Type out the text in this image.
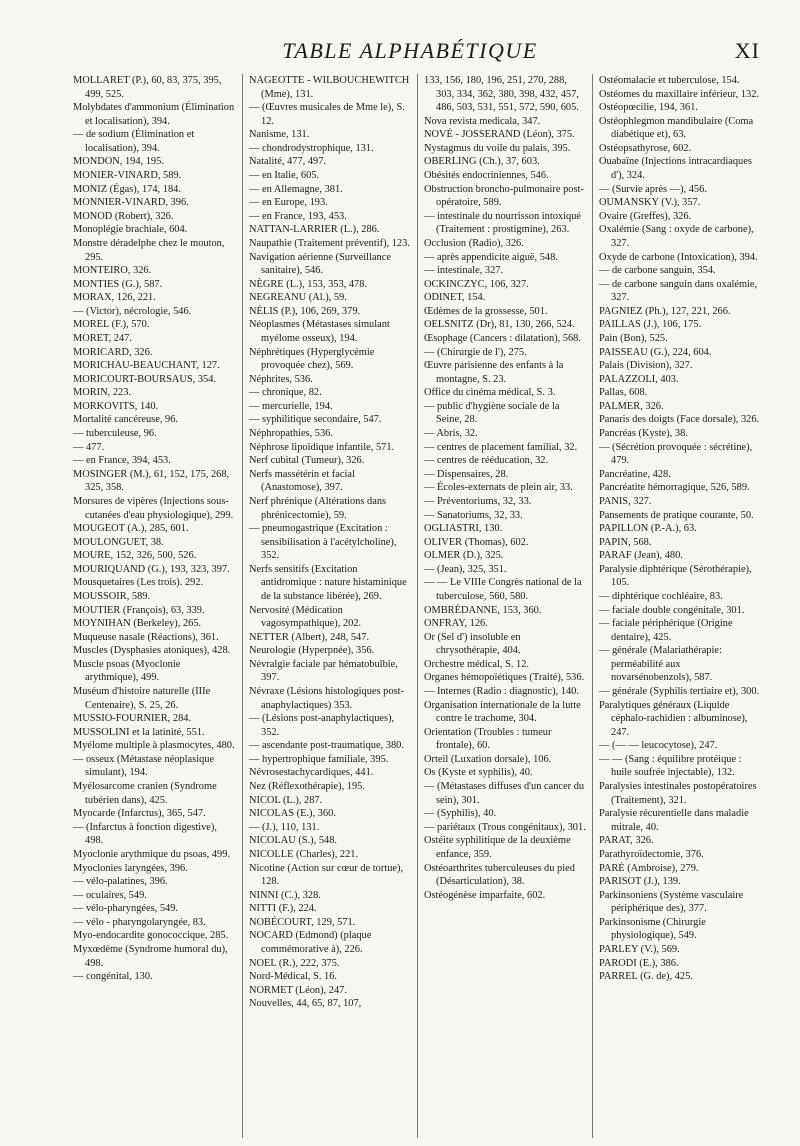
TABLE ALPHABÉTIQUE	XI

MOLLARET (P.), 60, 83, 375, 395, 499, 525.

Molybdates d'ammonium (Élimination et localisation), 394.

— de sodium (Élimination et localisation), 394.

MONDON, 194, 195.

MONIER-VINARD, 589.

MONIZ (Égas), 174, 184.

MONNIER-VINARD, 396.

MONOD (Robert), 326.

Monoplégie brachiale, 604.

Monstre déradelphe chez le mouton, 295.

MONTEIRO, 326.

MONTIES (G.), 587.

MORAX, 126, 221.

— (Victor), nécrologie, 546.

MOREL (F.), 570.

MORET, 247.

MORICARD, 326.

MORICHAU-BEAUCHANT, 127.

MORICOURT-BOURSAUS, 354.

MORIN, 223.

MORKOVITS, 140.

Mortalité cancéreuse, 96.

— tuberculeuse, 96.

— 477.

— en France, 394, 453.

MOSINGER (M.), 61, 152, 175, 268, 325, 358.

Morsures de vipères (Injections sous-cutanées d'eau physiologique), 299.

MOUGEOT (A.), 285, 601.

MOULONGUET, 38.

MOURE, 152, 326, 500, 526.

MOURIQUAND (G.), 193, 323, 397.

Mousquetaires (Les trois). 292.

MOUSSOIR, 589.

MOUTIER (François), 63, 339.

MOYNIHAN (Berkeley), 265.

Muqueuse nasale (Réactions), 361.

Muscles (Dysphasies atoniques), 428.

Muscle psoas (Myoclonie arythmique), 499.

Muséum d'histoire naturelle (IIIe Centenaire), S. 25, 26.

MUSSIO-FOURNIER, 284.

MUSSOLINI et la latinité, 551.

Myélome multiple à plasmocytes, 480.

— osseux (Métastase néoplasique simulant), 194.

Myélosarcome cranien (Syndrome tubérien dans), 425.

Myocarde (Infarctus), 365, 547.

— (Infarctus à fonction digestive), 498.

Myoclonie arythmique du psoas, 499.

Myoclonies laryngées, 396.

— vélo-palatines, 396.

— oculaires, 549.

— vélo-pharyngées, 549.

— vélo - pharyngolaryngée, 83.

Myo-endocardite gonococcique, 285.

Myxœdème (Syndrome humoral du), 498.

— congénital, 130.

NAGEOTTE - WILBOUCHEWITCH (Mme), 131.

— (Œuvres musicales de Mme le), S. 12.

Nanisme, 131.

— chondrodystrophique, 131.

Natalité, 477, 497.

— en Italie, 605.

— en Allemagne, 381.

— en Europe, 193.

— en France, 193, 453.

NATTAN-LARRIER (L.), 286.

Naupathie (Traitement préventif), 123.

Navigation aérienne (Surveillance sanitaire), 546.

NÈGRE (L.), 153, 353, 478.

NEGREANU (Al.), 59.

NÉLIS (P.), 106, 269, 379.

Néoplasmes (Métastases simulant myélome osseux), 194.

Néphrétiques (Hyperglycémie provoquée chez), 569.

Néphrites, 536.

— chronique, 82.

— mercurielle, 194.

— syphilitique secondaire, 547.

Néphropathies, 536.

Néphrose lipoïdique infantile, 571.

Nerf cubital (Tumeur), 326.

Nerfs massétérin et facial (Anastomose), 397.

Nerf phrénique (Altérations dans phrénicectomie), 59.

— pneumogastrique (Excitation : sensibilisation à l'acétylcholine), 352.

Nerfs sensitifs (Excitation antidromique : nature histaminique de la substance libérée), 269.

Nervosité (Médication vagosympathique), 202.

NETTER (Albert), 248, 547.

Neurologie (Hyperpnée), 356.

Névralgie faciale par hématobulbie, 397.

Névraxe (Lésions histologiques post-anaphylactiques) 353.

— (Lésions post-anaphylactiques), 352.

— ascendante post-traumatique, 380.

— hypertrophique familiale, 395.

Névrosestachycardiques, 441.

Nez (Réflexothérapie), 195.

NICOL (L.), 287.

NICOLAS (E.), 360.

— (J.), 110, 131.

NICOLAU (S.), 548.

NICOLLE (Charles), 221.

Nicotine (Action sur cœur de tortue), 128.

NINNI (C.), 328.

NITTI (F.), 224.

NOBÉCOURT, 129, 571.

NOCARD (Edmond) (plaque commémorative à), 226.

NOEL (R.), 222, 375.

Nord-Médical, S. 16.

NORMET (Léon), 247.

Nouvelles, 44, 65, 87, 107,

133, 156, 180, 196, 251, 270, 288, 303, 334, 362, 380, 398, 432, 457, 486, 503, 531, 551, 572, 590, 605.

Nova revista medicala, 347.

NOVÉ - JOSSERAND (Léon), 375.

Nystagmus du voile du palais, 395.

OBERLING (Ch.), 37, 603.

Obésités endocriniennes, 546.

Obstruction broncho-pulmonaire post-opératoire, 589.

— intestinale du nourrisson intoxiqué (Traitement : prostigmine), 263.

Occlusion (Radio), 326.

— après appendicite aiguë, 548.

— intestinale, 327.

OCKINCZYC, 106, 327.

ODINET, 154.

Œdèmes de la grossesse, 501.

OELSNITZ (Dr), 81, 130, 266, 524.

Œsophage (Cancers : dilatation), 568.

— (Chirurgie de l'), 275.

Œuvre parisienne des enfants à la montagne, S. 23.

Office du cinéma médical, S. 3.

— public d'hygiène sociale de la Seine, 28.

— Abris, 32.

— centres de placement familial, 32.

— centres de rééducation, 32.

— Dispensaires, 28.

— Écoles-externats de plein air, 33.

— Préventoriums, 32, 33.

— Sanatoriums, 32, 33.

OGLIASTRI, 130.

OLIVER (Thomas), 602.

OLMER (D.), 325.

— (Jean), 325, 351.

— — Le VIIIe Congrès national de la tuberculose, 560, 580.

OMBRÉDANNE, 153, 360.

ONFRAY, 126.

Or (Sel d') insoluble en chrysothérapie, 404.

Orchestre médical, S. 12.

Organes hémopoïétiques (Traité), 536.

— Internes (Radio : diagnostic), 140.

Organisation internationale de la lutte contre le trachome, 304.

Orientation (Troubles : tumeur frontale), 60.

Orteil (Luxation dorsale), 106.

Os (Kyste et syphilis), 40.

— (Métastases diffuses d'un cancer du sein), 301.

— (Syphilis), 40.

— pariétaux (Trous congénitaux), 301.

Ostéite syphilitique de la deuxième enfance, 359.

Ostéoarthrites tuberculeuses du pied (Désarticulation), 38.

Ostéogénèse imparfaite, 602.

Ostéomalacie et tuberculose, 154.

Ostéomes du maxillaire inférieur, 132.

Ostéopœcilie, 194, 361.

Ostéophlegmon mandibulaire (Coma diabétique et), 63.

Ostéopsathyrose, 602.

Ouabaïne (Injections intracardiaques d'), 324.

— (Survie après —), 456.

OUMANSKY (V.), 357.

Ovaire (Greffes), 326.

Oxalémie (Sang : oxyde de carbone), 327.

Oxyde de carbone (Intoxication), 394.

— de carbone sanguin, 354.

— de carbone sanguin dans oxalémie, 327.

PAGNIEZ (Ph.), 127, 221, 266.

PAILLAS (J.), 106, 175.

Pain (Bon), 525.

PAISSEAU (G.), 224, 604.

Palais (Division), 327.

PALAZZOLI, 403.

Pallas, 608.

PALMER, 326.

Panaris des doigts (Face dorsale), 326.

Pancréas (Kyste), 38.

— (Sécrétion provoquée : sécrétine), 479.

Pancréatine, 428.

Pancréatite hémorragique, 526, 589.

PANIS, 327.

Pansements de pratique courante, 50.

PAPILLON (P.-A.), 63.

PAPIN, 568.

PARAF (Jean), 480.

Paralysie diphtérique (Sérothérapie), 105.

— diphtérique cochléaire, 83.

— faciale double congénitale, 301.

— faciale périphérique (Origine dentaire), 425.

— générale (Malariathérapie: perméabilité aux novarsénobenzols), 587.

— générale (Syphilis tertiaire et), 300.

Paralytiques généraux (Liquide céphalo-rachidien : albuminose), 247.

— (— — leucocytose), 247.

— — (Sang : équilibre protéique : huile soufrée injectable), 132.

Paralysies intestinales postopératoires (Traitement), 321.

Paralysie récurentielle dans maladie mitrale, 40.

PARAT, 326.

Parathyroïdectomie, 376.

PARÉ (Ambroise), 279.

PARISOT (J.), 139.

Parkinsoniens (Système vasculaire périphérique des), 377.

Parkinsonisme (Chirurgie physiologique), 549.

PARLEY (V.), 569.

PARODI (E.), 386.

PARREL (G. de), 425.
